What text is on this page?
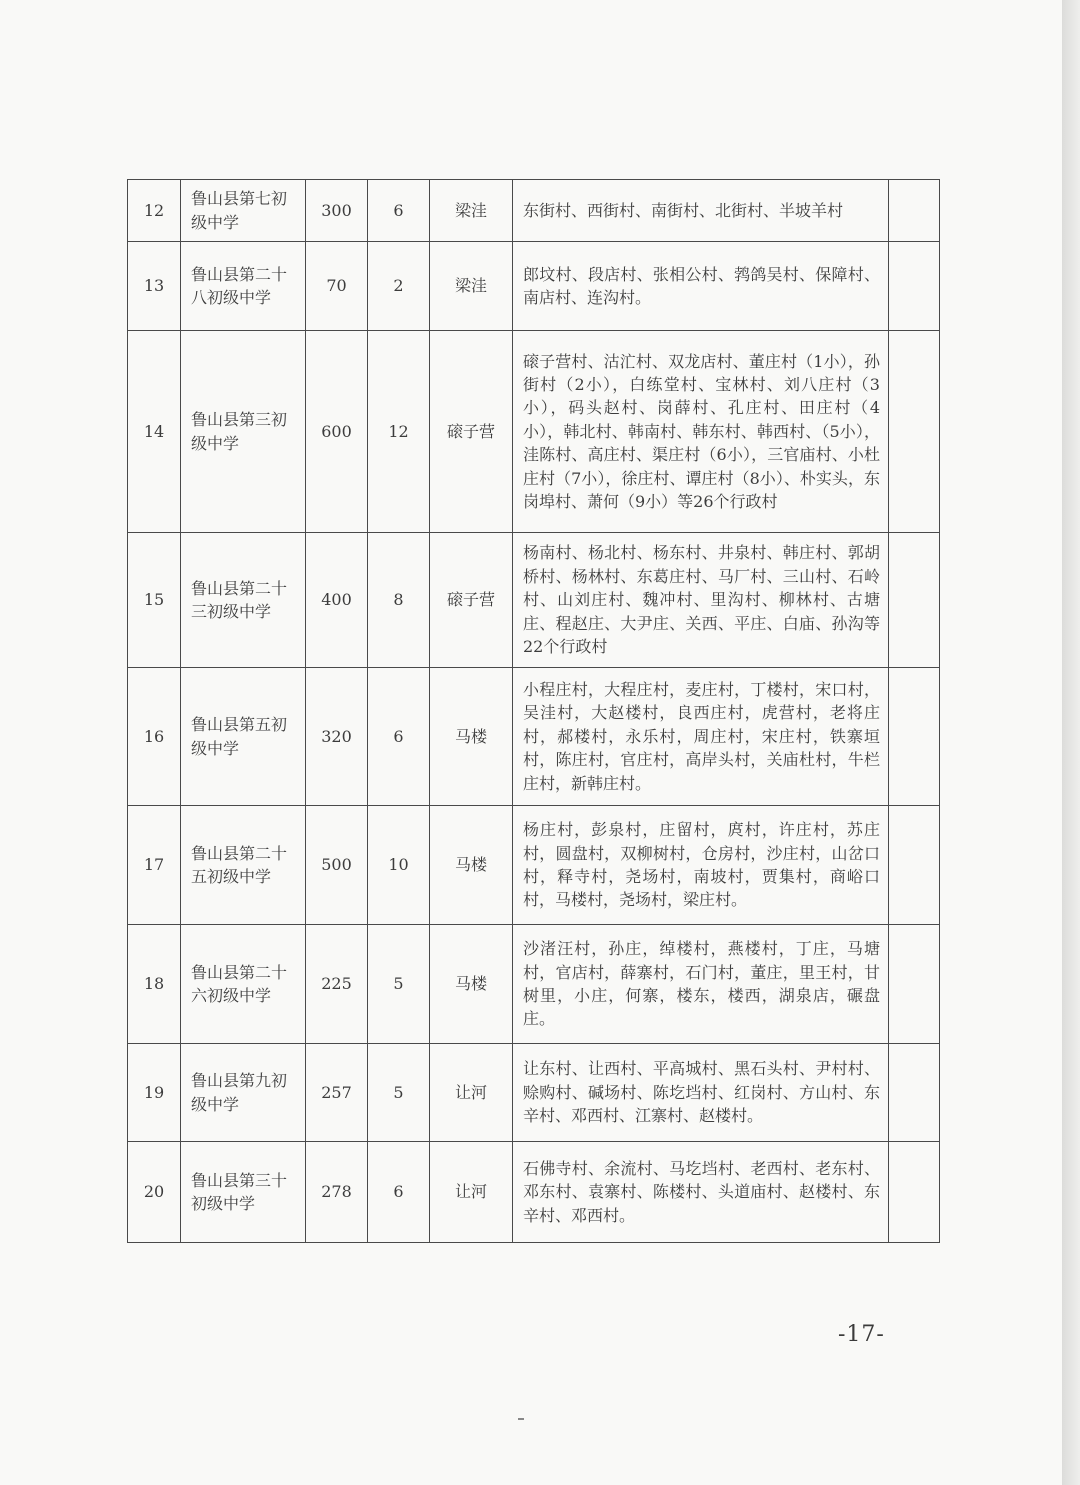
12	鲁山县第七初级中学	300	6	梁洼	东街村、西街村、南街村、北街村、半坡羊村	
13	鲁山县第二十八初级中学	70	2	梁洼	郎坟村、段店村、张相公村、鹁鸽吴村、保障村、南店村、连沟村。	
14	鲁山县第三初级中学	600	12	磙子营	磙子营村、沽汒村、双龙店村、董庄村（1小），孙街村（2小），白练堂村、宝林村、刘八庄村（3小），码头赵村、岗薛村、孔庄村、田庄村（4小），韩北村、韩南村、韩东村、韩西村、（5小），洼陈村、高庄村、渠庄村（6小），三官庙村、小杜庄村（7小），徐庄村、谭庄村（8小）、朴实头，东岗埠村、萧何（9小）等26个行政村	
15	鲁山县第二十三初级中学	400	8	磙子营	杨南村、杨北村、杨东村、井泉村、韩庄村、郭胡桥村、杨林村、东葛庄村、马厂村、三山村、石岭村、山刘庄村、魏冲村、里沟村、柳林村、古塘庄、程赵庄、大尹庄、关西、平庄、白庙、孙沟等22个行政村	
16	鲁山县第五初级中学	320	6	马楼	小程庄村，大程庄村，麦庄村，丁楼村，宋口村，吴洼村，大赵楼村，良西庄村，虎营村，老将庄村，郝楼村，永乐村，周庄村，宋庄村，铁寨垣村，陈庄村，官庄村，高岸头村，关庙杜村，牛栏庄村，新韩庄村。	
17	鲁山县第二十五初级中学	500	10	马楼	杨庄村，彭泉村，庄留村，庹村，许庄村，苏庄村，圆盘村，双柳树村，仓房村，沙庄村，山岔口村，释寺村，尧场村，南坡村，贾集村，商峪口村，马楼村，尧场村，梁庄村。	
18	鲁山县第二十六初级中学	225	5	马楼	沙渚汪村，孙庄，绰楼村，燕楼村，丁庄，马塘村，官店村，薛寨村，石门村，董庄，里王村，甘树里，小庄，何寨，楼东，楼西，湖泉店，碾盘庄。	
19	鲁山县第九初级中学	257	5	让河	让东村、让西村、平高城村、黑石头村、尹村村、赊购村、碱场村、陈圪垱村、红岗村、方山村、东辛村、邓西村、江寨村、赵楼村。	
20	鲁山县第三十初级中学	278	6	让河	石佛寺村、余流村、马圪垱村、老西村、老东村、邓东村、袁寨村、陈楼村、头道庙村、赵楼村、东辛村、邓西村。	
-17-
